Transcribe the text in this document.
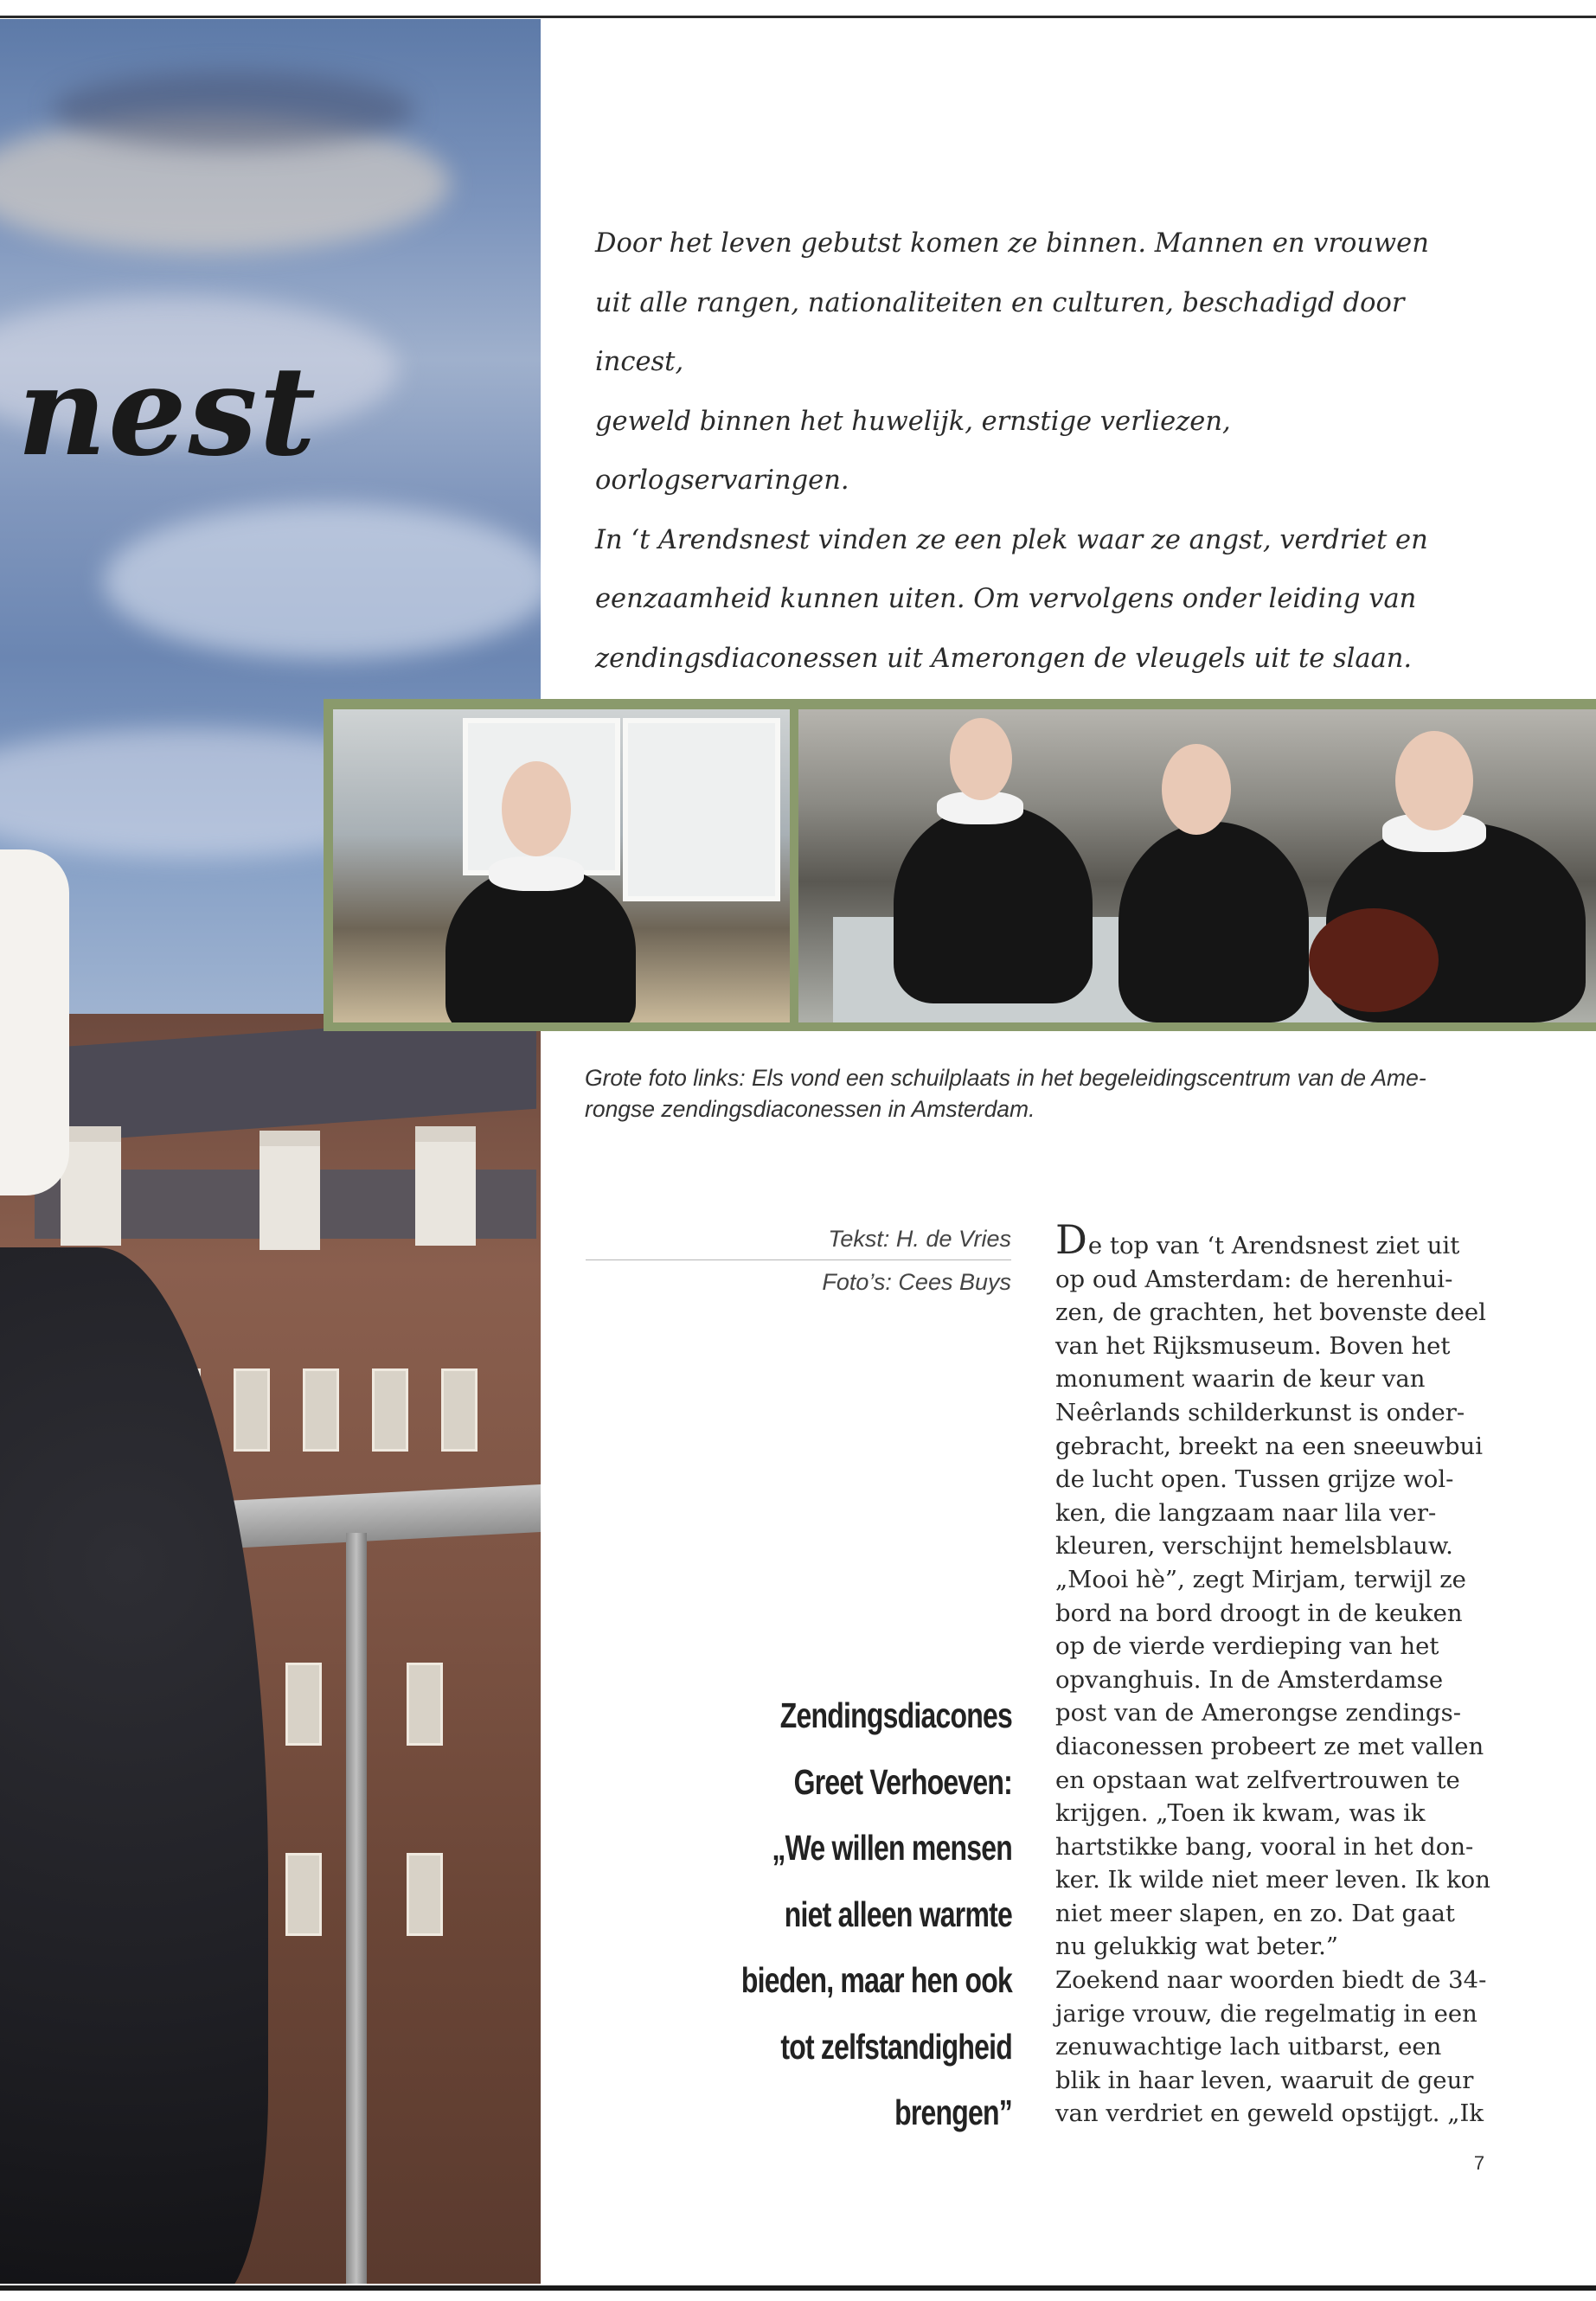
nest
Door het leven gebutst komen ze binnen. Mannen en vrouwen
uit alle rangen, nationaliteiten en culturen, beschadigd door incest,
geweld binnen het huwelijk, ernstige verliezen, oorlogservaringen.
In ‘t Arendsnest vinden ze een plek waar ze angst, verdriet en
eenzaamheid kunnen uiten. Om vervolgens onder leiding van
zendingsdiaconessen uit Amerongen de vleugels uit te slaan.
Grote foto links: Els vond een schuilplaats in het begeleidingscentrum van de Ame-
rongse zendingsdiaconessen in Amsterdam.
Tekst: H. de Vries
Foto’s: Cees Buys
Zendingsdiacones
Greet Verhoeven:
„We willen mensen
niet alleen warmte
bieden, maar hen ook
tot zelfstandigheid
brengen”
De top van ‘t Arendsnest ziet uit
op oud Amsterdam: de herenhui-
zen, de grachten, het bovenste deel
van het Rijksmuseum. Boven het
monument waarin de keur van
Neêrlands schilderkunst is onder-
gebracht, breekt na een sneeuwbui
de lucht open. Tussen grijze wol-
ken, die langzaam naar lila ver-
kleuren, verschijnt hemelsblauw.
„Mooi hè”, zegt Mirjam, terwijl ze
bord na bord droogt in de keuken
op de vierde verdieping van het
opvanghuis. In de Amsterdamse
post van de Amerongse zendings-
diaconessen probeert ze met vallen
en opstaan wat zelfvertrouwen te
krijgen. „Toen ik kwam, was ik
hartstikke bang, vooral in het don-
ker. Ik wilde niet meer leven. Ik kon
niet meer slapen, en zo. Dat gaat
nu gelukkig wat beter.”
Zoekend naar woorden biedt de 34-
jarige vrouw, die regelmatig in een
zenuwachtige lach uitbarst, een
blik in haar leven, waaruit de geur
van verdriet en geweld opstijgt. „Ik
7
